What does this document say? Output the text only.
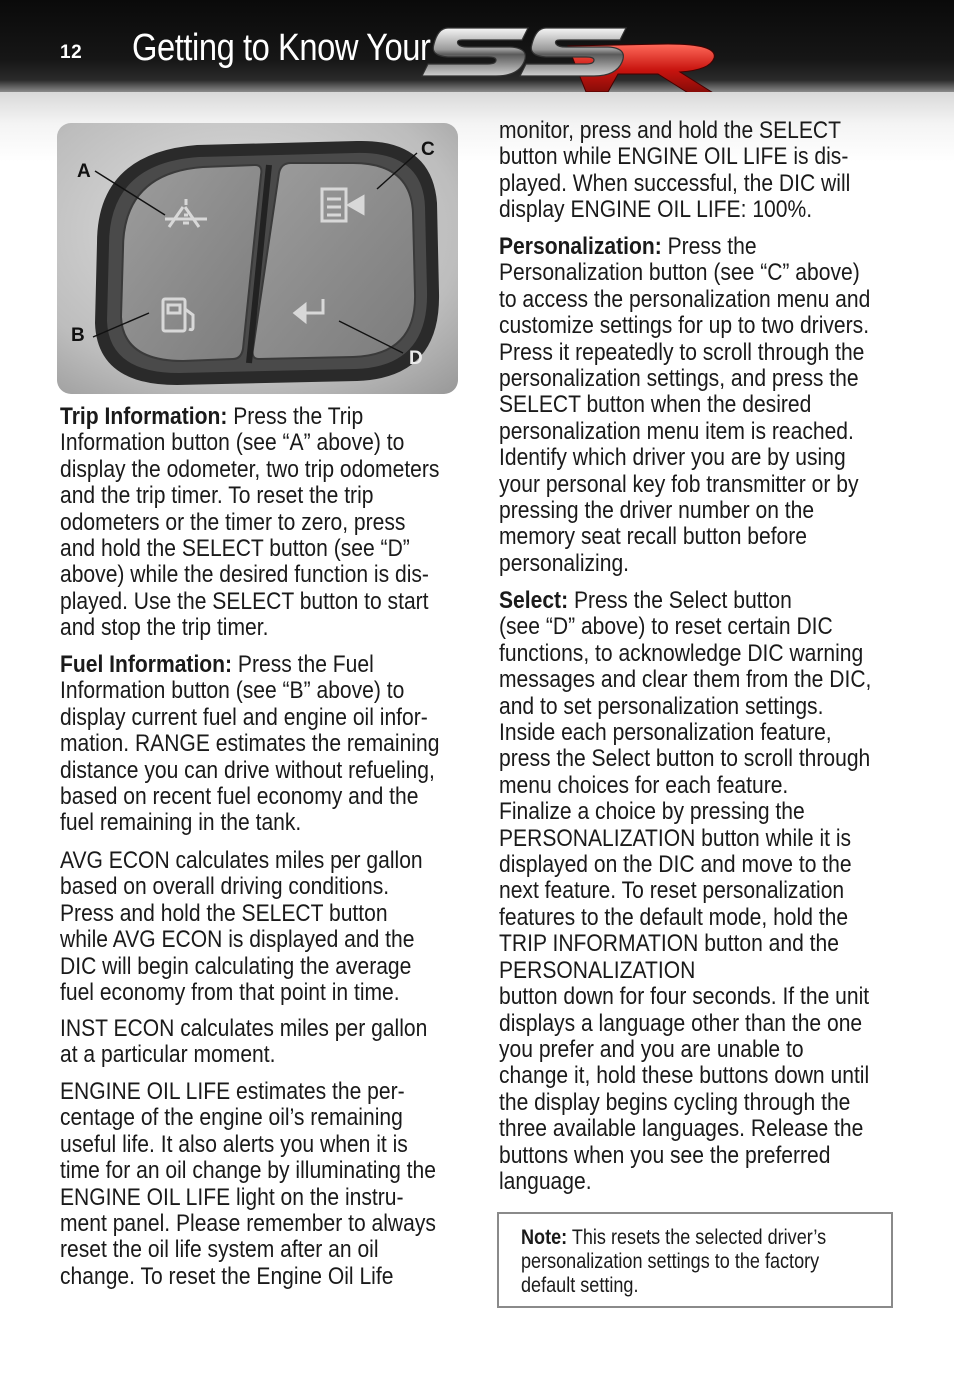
12 Getting to Know Your
A
B
C
D

Trip Information: Press the Trip
Information button (see “A” above) to
display the odometer, two trip odometers
and the trip timer. To reset the trip
odometers or the timer to zero, press
and hold the SELECT button (see “D”
above) while the desired function is dis-
played. Use the SELECT button to start
and stop the trip timer.

Fuel Information: Press the Fuel
Information button (see “B” above) to
display current fuel and engine oil infor-
mation. RANGE estimates the remaining
distance you can drive without refueling,
based on recent fuel economy and the
fuel remaining in the tank.

AVG ECON calculates miles per gallon
based on overall driving conditions.
Press and hold the SELECT button
while AVG ECON is displayed and the
DIC will begin calculating the average
fuel economy from that point in time.

INST ECON calculates miles per gallon
at a particular moment.

ENGINE OIL LIFE estimates the per-
centage of the engine oil’s remaining
useful life. It also alerts you when it is
time for an oil change by illuminating the
ENGINE OIL LIFE light on the instru-
ment panel. Please remember to always
reset the oil life system after an oil
change. To reset the Engine Oil Life

monitor, press and hold the SELECT
button while ENGINE OIL LIFE is dis-
played. When successful, the DIC will
display ENGINE OIL LIFE: 100%.

Personalization: Press the
Personalization button (see “C” above)
to access the personalization menu and
customize settings for up to two drivers.
Press it repeatedly to scroll through the
personalization settings, and press the
SELECT button when the desired
personalization menu item is reached.
Identify which driver you are by using
your personal key fob transmitter or by
pressing the driver number on the
memory seat recall button before
personalizing.

Select: Press the Select button
(see “D” above) to reset certain DIC
functions, to acknowledge DIC warning
messages and clear them from the DIC,
and to set personalization settings.
Inside each personalization feature,
press the Select button to scroll through
menu choices for each feature.
Finalize a choice by pressing the
PERSONALIZATION button while it is
displayed on the DIC and move to the
next feature. To reset personalization
features to the default mode, hold the
TRIP INFORMATION button and the
PERSONALIZATION
button down for four seconds. If the unit
displays a language other than the one
you prefer and you are unable to
change it, hold these buttons down until
the display begins cycling through the
three available languages. Release the
buttons when you see the preferred
language.

Note: This resets the selected driver’s
personalization settings to the factory
default setting.
